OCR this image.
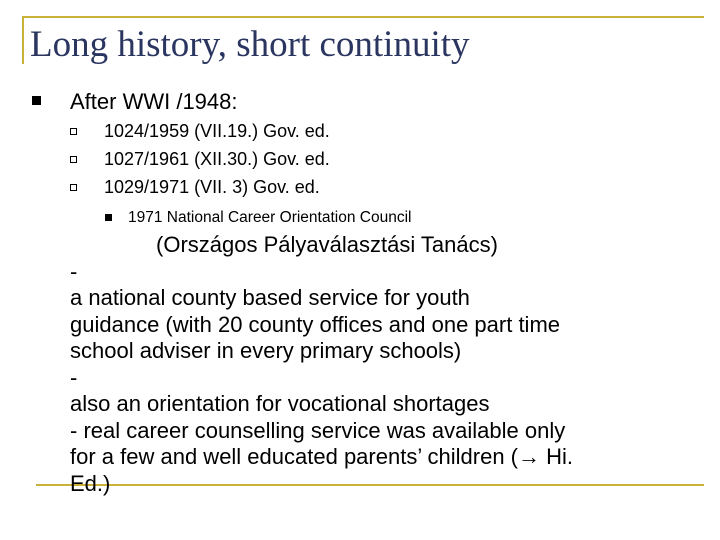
Long history, short continuity
After WWI /1948:
1024/1959 (VII.19.) Gov. ed.
1027/1961 (XII.30.) Gov. ed.
1029/1971 (VII. 3) Gov. ed.
1971 National Career Orientation Council
(Országos Pályaválasztási Tanács)
-
a national county based service for youth
guidance (with 20 county offices and one part time
school adviser in every primary schools)
-
also an orientation for vocational shortages
- real career counselling service was available only
for a few and well educated parents’ children (→ Hi.
Ed.)
